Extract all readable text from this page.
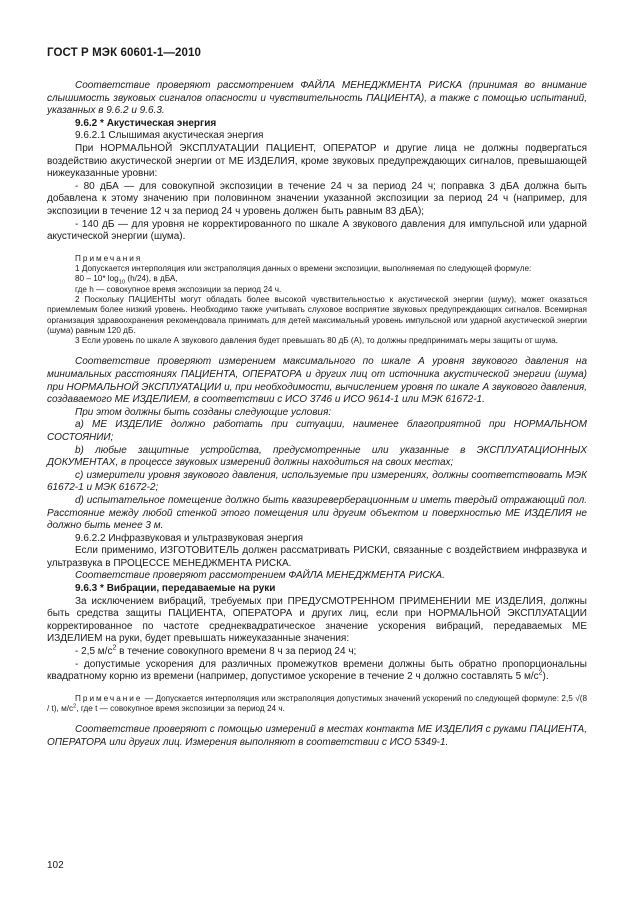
ГОСТ Р МЭК 60601-1—2010

Соответствие проверяют рассмотрением ФАЙЛА МЕНЕДЖМЕНТА РИСКА (принимая во внимание слышимость звуковых сигналов опасности и чувствительность ПАЦИЕНТА), а также с помощью испытаний, указанных в 9.6.2 и 9.6.3.

9.6.2 * Акустическая энергия

9.6.2.1 Слышимая акустическая энергия

При НОРМАЛЬНОЙ ЭКСПЛУАТАЦИИ ПАЦИЕНТ, ОПЕРАТОР и другие лица не должны подвергаться воздействию акустической энергии от МЕ ИЗДЕЛИЯ, кроме звуковых предупреждающих сигналов, превышающей нижеуказанные уровни:

- 80 дБА — для совокупной экспозиции в течение 24 ч за период 24 ч; поправка 3 дБА должна быть добавлена к этому значению при половинном значении указанной экспозиции за период 24 ч (например, для экспозиции в течение 12 ч за период 24 ч уровень должен быть равным 83 дБА);

- 140 дБ — для уровня не корректированного по шкале А звукового давления для импульсной или ударной акустической энергии (шума).

Примечания

1 Допускается интерполяция или экстраполяция данных о времени экспозиции, выполняемая по следующей формуле:

80 – 10* $\log_{10} (h/24)$, в дБА,

где h — совокупное время экспозиции за период 24 ч.

2 Поскольку ПАЦИЕНТЫ могут обладать более высокой чувствительностью к акустической энергии (шуму), может оказаться приемлемым более низкий уровень. Необходимо также учитывать слуховое восприятие звуковых предупреждающих сигналов. Всемирная организация здравоохранения рекомендовала принимать для детей максимальный уровень импульсной или ударной акустической энергии (шума) равным 120 дБ.

3 Если уровень по шкале А звукового давления будет превышать 80 дБ (А), то должны предпринимать меры защиты от шума.

Соответствие проверяют измерением максимального по шкале А уровня звукового давления на минимальных расстояниях ПАЦИЕНТА, ОПЕРАТОРА и других лиц от источника акустической энергии (шума) при НОРМАЛЬНОЙ ЭКСПЛУАТАЦИИ и, при необходимости, вычислением уровня по шкале А звукового давления, создаваемого МЕ ИЗДЕЛИЕМ, в соответствии с ИСО 3746 и ИСО 9614-1 или МЭК 61672-1.

При этом должны быть созданы следующие условия:

a) МЕ ИЗДЕЛИЕ должно работать при ситуации, наименее благоприятной при НОРМАЛЬНОМ СОСТОЯНИИ;

b) любые защитные устройства, предусмотренные или указанные в ЭКСПЛУАТАЦИОННЫХ ДОКУМЕНТАХ, в процессе звуковых измерений должны находиться на своих местах;

c) измерители уровня звукового давления, используемые при измерениях, должны соответствовать МЭК 61672-1 и МЭК 61672-2;

d) испытательное помещение должно быть квазиреверберационным и иметь твердый отражающий пол. Расстояние между любой стенкой этого помещения или другим объектом и поверхностью МЕ ИЗДЕЛИЯ не должно быть менее 3 м.

9.6.2.2 Инфразвуковая и ультразвуковая энергия

Если применимо, ИЗГОТОВИТЕЛЬ должен рассматривать РИСКИ, связанные с воздействием инфразвука и ультразвука в ПРОЦЕССЕ МЕНЕДЖМЕНТА РИСКА.

Соответствие проверяют рассмотрением ФАЙЛА МЕНЕДЖМЕНТА РИСКА.

9.6.3 * Вибрации, передаваемые на руки

За исключением вибраций, требуемых при ПРЕДУСМОТРЕННОМ ПРИМЕНЕНИИ МЕ ИЗДЕЛИЯ, должны быть средства защиты ПАЦИЕНТА, ОПЕРАТОРА и других лиц, если при НОРМАЛЬНОЙ ЭКСПЛУАТАЦИИ корректированное по частоте среднеквадратическое значение ускорения вибраций, передаваемых МЕ ИЗДЕЛИЕМ на руки, будет превышать нижеуказанные значения:

- 2,5 $м/с^2$ в течение совокупного времени 8 ч за период 24 ч;

- допустимые ускорения для различных промежутков времени должны быть обратно пропорциональны квадратному корню из времени (например, допустимое ускорение в течение 2 ч должно составлять 5 $м/с^2$).

Примечание — Допускается интерполяция или экстраполяция допустимых значений ускорений по следующей формуле: 2,5 √(8 / t), $м/с^2$, где t — совокупное время экспозиции за период 24 ч.

Соответствие проверяют с помощью измерений в местах контакта МЕ ИЗДЕЛИЯ с руками ПАЦИЕНТА, ОПЕРАТОРА или других лиц. Измерения выполняют в соответствии с ИСО 5349-1.

102
